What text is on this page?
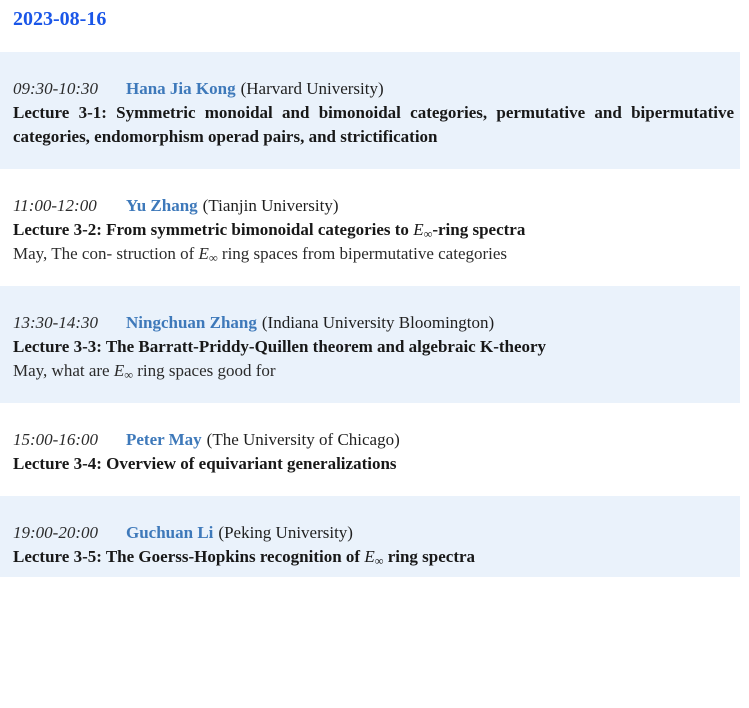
2023-08-16

09:30-10:30 Hana Jia Kong (Harvard University)

Lecture 3-1: Symmetric monoidal and bimonoidal categories, permutative and bipermutative categories, endomorphism operad pairs, and strictification

11:00-12:00 Yu Zhang (Tianjin University)

Lecture 3-2: From symmetric bimonoidal categories to $E_\infty$-ring spectra

May, The con- struction of $E_\infty$ ring spaces from bipermutative categories

13:30-14:30 Ningchuan Zhang (Indiana University Bloomington)

Lecture 3-3: The Barratt-Priddy-Quillen theorem and algebraic K-theory

May, what are $E_\infty$ ring spaces good for

15:00-16:00 Peter May (The University of Chicago)

Lecture 3-4: Overview of equivariant generalizations

19:00-20:00 Guchuan Li (Peking University)

Lecture 3-5: The Goerss-Hopkins recognition of $E_\infty$ ring spectra
